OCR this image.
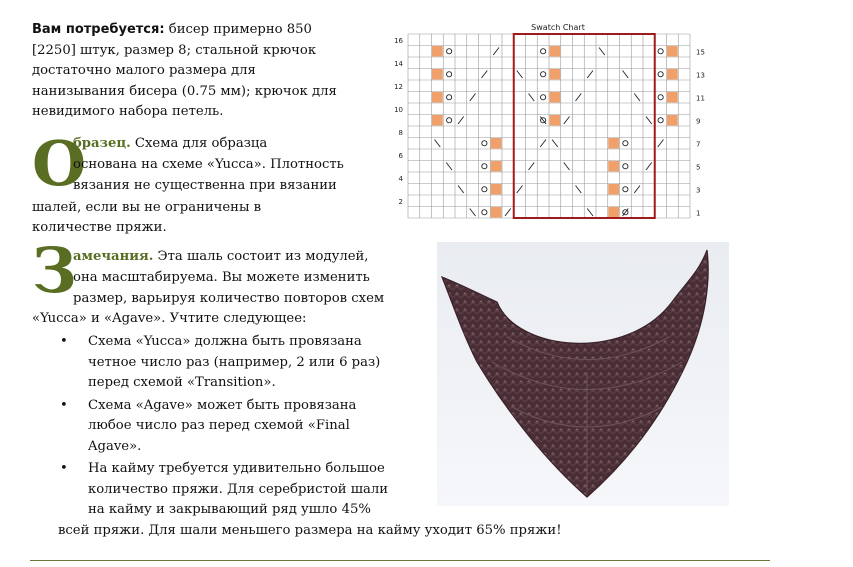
Вам потребуется: бисер примерно 850
[2250] штук, размер 8; стальной крючок
достаточно малого размера для
нанизывания бисера (0.75 мм); крючок для
невидимого набора петель.
О
бразец. Схема для образца
основана на схеме «Yucca». Плотность
вязания не существенна при вязании
шалей, если вы не ограничены в
количестве пряжи.
З
амечания. Эта шаль состоит из модулей,
она масштабируема. Вы можете изменить
размер, варьируя количество повторов схем
«Yucca» и «Agave». Учтите следующее:
• Схема «Yucca» должна быть провязана
четное число раз (например, 2 или 6 раз)
перед схемой «Transition».
• Схема «Agave» может быть провязана
любое число раз перед схемой «Final
Agave».
• На кайму требуется удивительно большое
количество пряжи. Для серебристой шали
на кайму и закрывающий ряд ушло 45%
всей пряжи. Для шали меньшего размера на кайму уходит 65% пряжи!
Swatch Chart
16
14
12
10
8
6
4
2
15
13
11
9
7
5
3
1
